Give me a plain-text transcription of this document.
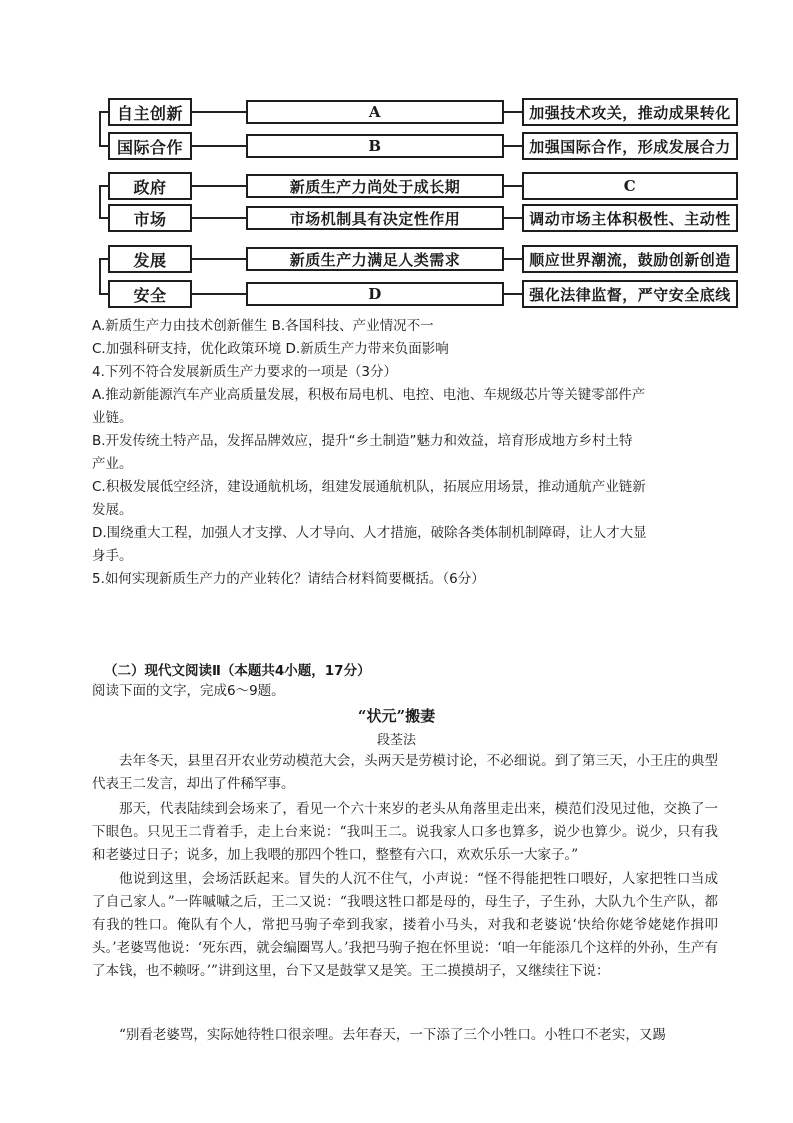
自主创新	A	加强技术攻关，推动成果转化
国际合作	B	加强国际合作，形成发展合力
政府	新质生产力尚处于成长期	C
市场	市场机制具有决定性作用	调动市场主体积极性、主动性
发展	新质生产力满足人类需求	顺应世界潮流，鼓励创新创造
安全	D	强化法律监督，严守安全底线
A.新质生产力由技术创新催生 B.各国科技、产业情况不一
C.加强科研支持，优化政策环境 D.新质生产力带来负面影响
4.下列不符合发展新质生产力要求的一项是（3分）
A.推动新能源汽车产业高质量发展，积极布局电机、电控、电池、车规级芯片等关键零部件产
业链。
B.开发传统土特产品，发挥品牌效应，提升“乡土制造”魅力和效益，培育形成地方乡村土特
产业。
C.积极发展低空经济，建设通航机场，组建发展通航机队，拓展应用场景，推动通航产业链新
发展。
D.围绕重大工程，加强人才支撑、人才导向、人才措施，破除各类体制机制障碍，让人才大显
身手。
5.如何实现新质生产力的产业转化？请结合材料简要概括。（6分）
（二）现代文阅读Ⅱ（本题共4小题，17分）
阅读下面的文字，完成6～9题。
“状元”搬妻
段荃法
去年冬天，县里召开农业劳动模范大会，头两天是劳模讨论，不必细说。到了第三天，小王庄的典型代表王二发言，却出了件稀罕事。
那天，代表陆续到会场来了，看见一个六十来岁的老头从角落里走出来，模范们没见过他，交换了一下眼色。只见王二背着手，走上台来说：“我叫王二。说我家人口多也算多，说少也算少。说少，只有我和老婆过日子；说多，加上我喂的那四个牲口，整整有六口，欢欢乐乐一大家子。”
他说到这里，会场活跃起来。冒失的人沉不住气，小声说：“怪不得能把牲口喂好，人家把牲口当成了自己家人。”一阵嘁嘁之后，王二又说：“我喂这牲口都是母的，母生子，子生孙，大队九个生产队，都有我的牲口。俺队有个人，常把马驹子牵到我家，搂着小马头，对我和老婆说‘快给你姥爷姥姥作揖叩头。’老婆骂他说：‘死东西，就会编圈骂人。’我把马驹子抱在怀里说：‘咱一年能添几个这样的外孙，生产有了本钱，也不赖呀。’”讲到这里，台下又是鼓掌又是笑。王二摸摸胡子，又继续往下说：
“别看老婆骂，实际她待牲口很亲哩。去年春天，一下添了三个小牲口。小牲口不老实，又踢
